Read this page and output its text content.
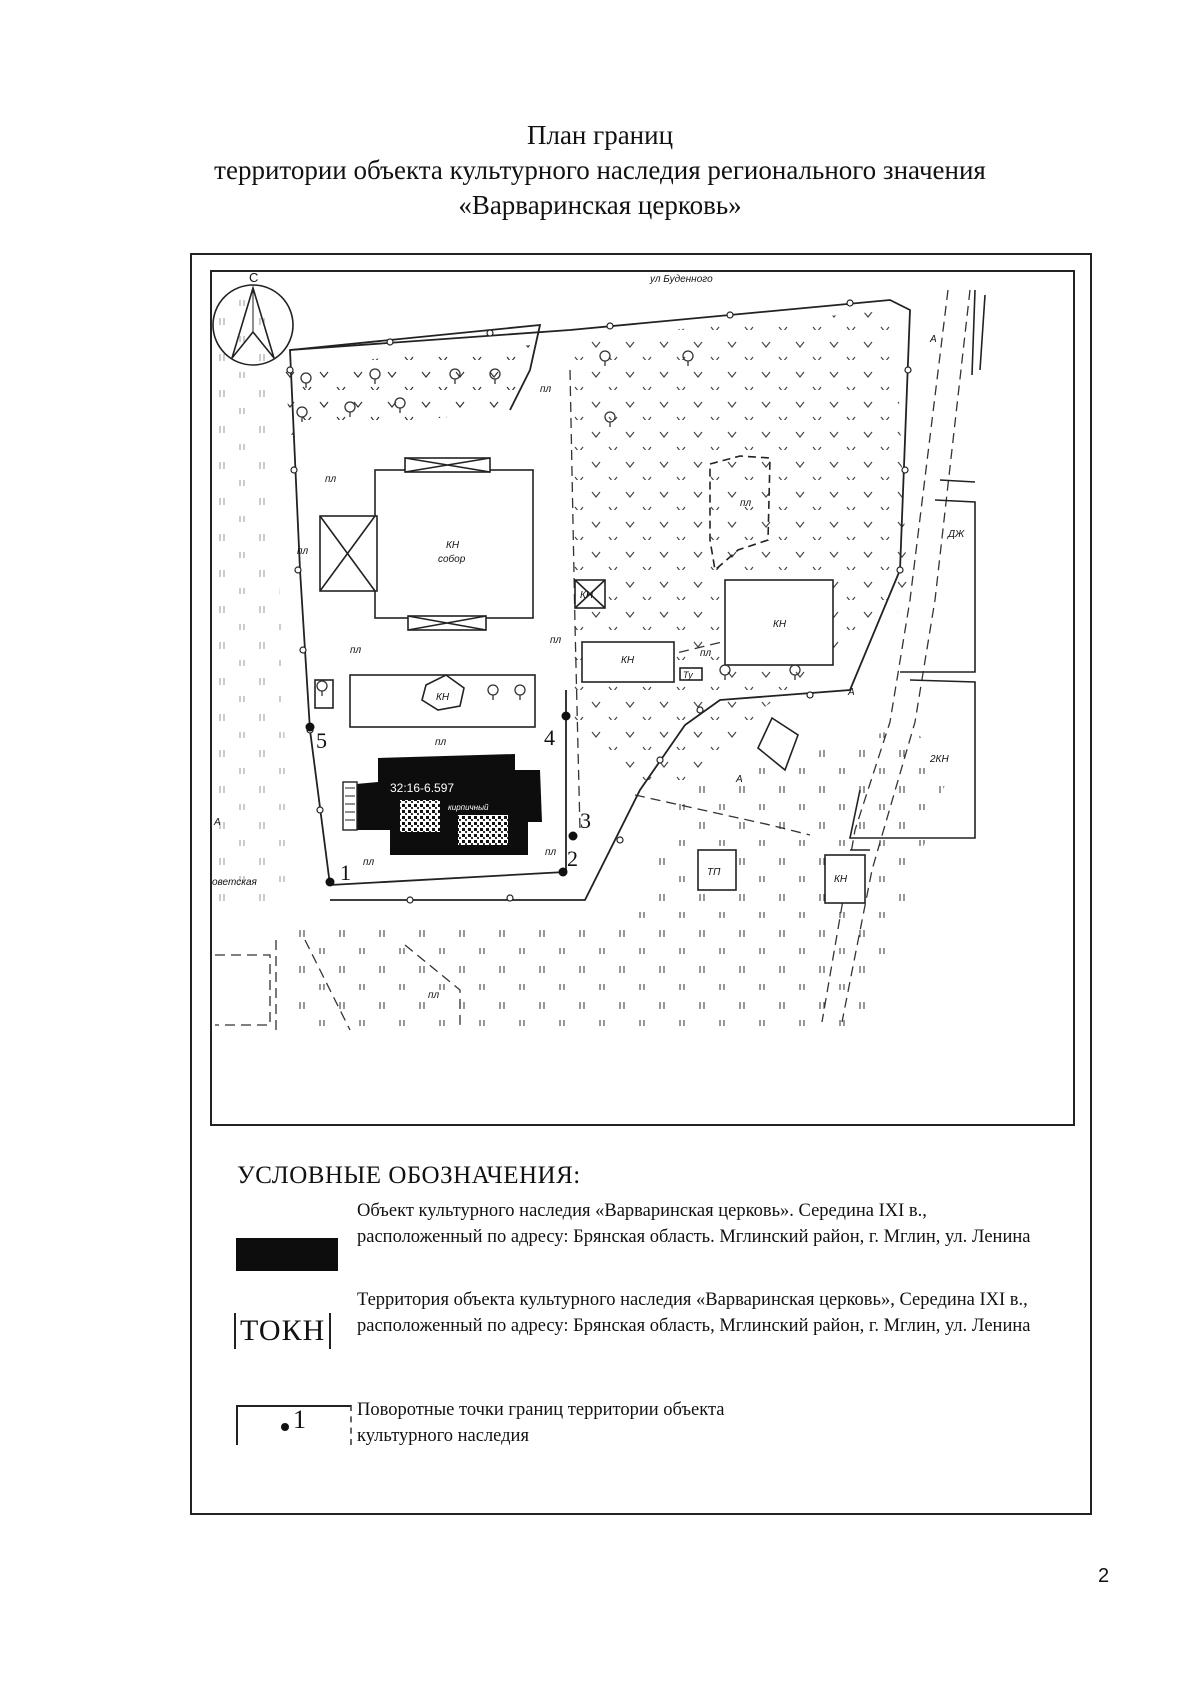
План границ
территории объекта культурного наследия регионального значения
«Варваринская церковь»
С	ул Буденного
оветская
КН
собор
КН
КН
КН
КН
КН
пл
пл
пл
пл
пл
пл
пл
пл
пл
пл
пл
А
А
А
А
ДЖ
2КН
ТП
Ту
32:16-6.597
кирпичный
1
2
3
4
5
УСЛОВНЫЕ ОБОЗНАЧЕНИЯ:
Объект культурного наследия «Варваринская церковь». Середина IXI в., расположенный по адресу: Брянская область. Мглинский район, г. Мглин, ул. Ленина
ТОКН
Территория объекта культурного наследия «Варваринская церковь», Середина IXI в., расположенный по адресу: Брянская область, Мглинский район, г. Мглин, ул. Ленина
1	Поворотные точки границ территории объекта культурного наследия
2
